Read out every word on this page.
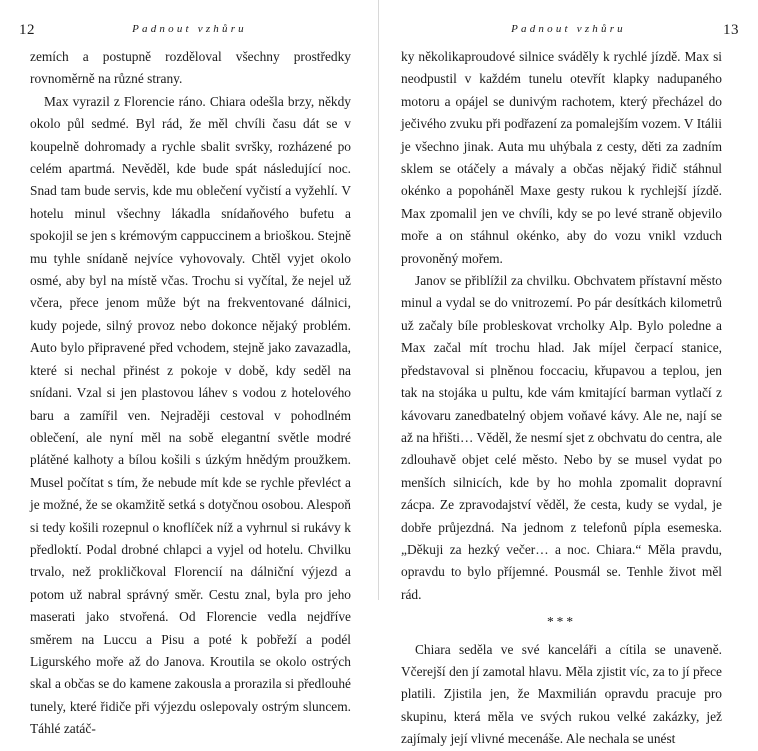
12	Padnout vzhůru

zemích a postupně rozděloval všechny prostředky rovnoměrně na různé strany.

Max vyrazil z Florencie ráno. Chiara odešla brzy, někdy okolo půl sedmé. Byl rád, že měl chvíli času dát se v koupelně dohromady a rychle sbalit svršky, rozházené po celém apartmá. Nevěděl, kde bude spát následující noc. Snad tam bude servis, kde mu oblečení vyčistí a vyžehlí. V hotelu minul všechny lákadla snídaňového bufetu a spokojil se jen s krémovým cappuccinem a brioškou. Stejně mu tyhle snídaně nejvíce vyhovovaly. Chtěl vyjet okolo osmé, aby byl na místě včas. Trochu si vyčítal, že nejel už včera, přece jenom může být na frekventované dálnici, kudy pojede, silný provoz nebo dokonce nějaký problém. Auto bylo připravené před vchodem, stejně jako zavazadla, které si nechal přinést z pokoje v době, kdy seděl na snídani. Vzal si jen plastovou láhev s vodou z hotelového baru a zamířil ven. Nejraději cestoval v pohodlném oblečení, ale nyní měl na sobě elegantní světle modré plátěné kalhoty a bílou košili s úzkým hnědým proužkem. Musel počítat s tím, že nebude mít kde se rychle převléct a je možné, že se okamžitě setká s dotyčnou osobou. Alespoň si tedy košili rozepnul o knoflíček níž a vyhrnul si rukávy k předloktí. Podal drobné chlapci a vyjel od hotelu. Chvilku trvalo, než prokličkoval Florencií na dálniční výjezd a potom už nabral správný směr. Cestu znal, byla pro jeho maserati jako stvořená. Od Florencie vedla nejdříve směrem na Luccu a Pisu a poté k pobřeží a podél Ligurského moře až do Janova. Kroutila se okolo ostrých skal a občas se do kamene zakousla a prorazila si předlouhé tunely, které řidiče při výjezdu oslepovaly ostrým sluncem. Táhlé zatáč-

Padnout vzhůru	13

ky několikaproudové silnice sváděly k rychlé jízdě. Max si neodpustil v každém tunelu otevřít klapky nadupaného motoru a opájel se dunivým rachotem, který přecházel do ječivého zvuku při podřazení za pomalejším vozem. V Itálii je všechno jinak. Auta mu uhýbala z cesty, děti za zadním sklem se otáčely a mávaly a občas nějaký řidič stáhnul okénko a popoháněl Maxe gesty rukou k rychlejší jízdě. Max zpomalil jen ve chvíli, kdy se po levé straně objevilo moře a on stáhnul okénko, aby do vozu vnikl vzduch provoněný mořem.

Janov se přiblížil za chvilku. Obchvatem přístavní město minul a vydal se do vnitrozemí. Po pár desítkách kilometrů už začaly bíle probleskovat vrcholky Alp. Bylo poledne a Max začal mít trochu hlad. Jak míjel čerpací stanice, představoval si plněnou foccaciu, křupavou a teplou, jen tak na stojáka u pultu, kde vám kmitající barman vytlačí z kávovaru zanedbatelný objem voňavé kávy. Ale ne, nají se až na hřišti… Věděl, že nesmí sjet z obchvatu do centra, ale zdlouhavě objet celé město. Nebo by se musel vydat po menších silnicích, kde by ho mohla zpomalit dopravní zácpa. Ze zpravodajství věděl, že cesta, kudy se vydal, je dobře průjezdná. Na jednom z telefonů pípla esemeska. „Děkuji za hezký večer… a noc. Chiara.“ Měla pravdu, opravdu to bylo příjemné. Pousmál se. Tenhle život měl rád.

***

Chiara seděla ve své kanceláři a cítila se unaveně. Včerejší den jí zamotal hlavu. Měla zjistit víc, za to jí přece platili. Zjistila jen, že Maxmilián opravdu pracuje pro skupinu, která měla ve svých rukou velké zakázky, jež zajímaly její vlivné mecenáše. Ale nechala se unést
